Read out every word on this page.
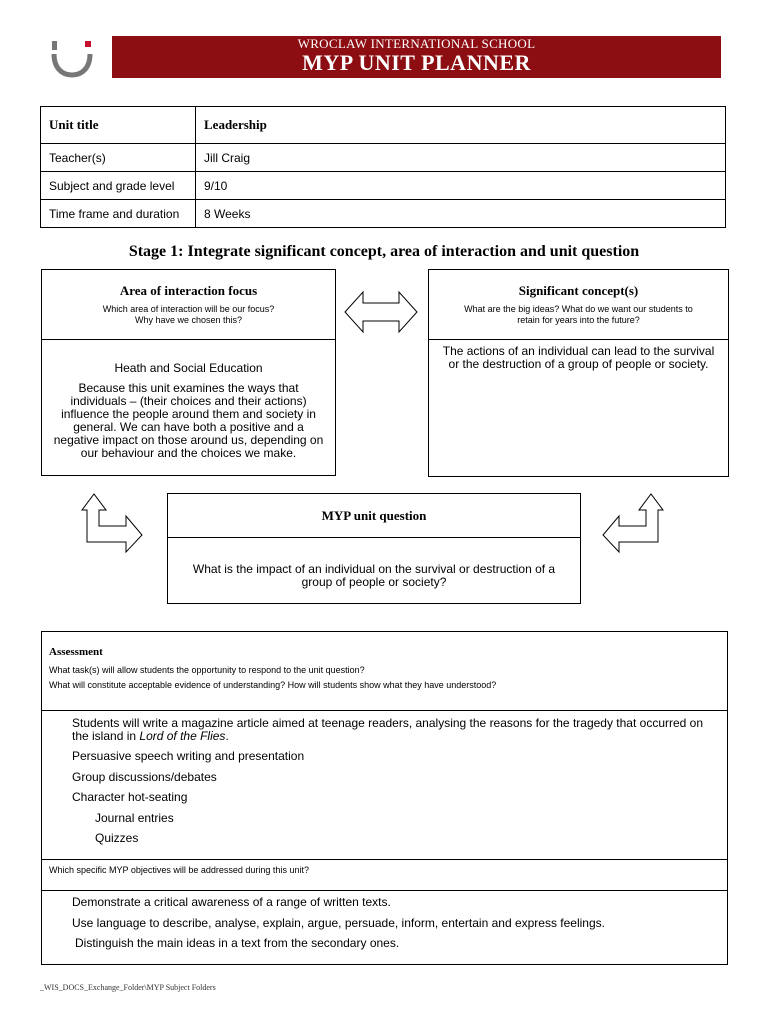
WROCLAW INTERNATIONAL SCHOOL
MYP UNIT PLANNER
Unit title	Leadership
Teacher(s)	Jill Craig
Subject and grade level	9/10
Time frame and duration	8 Weeks
Stage 1: Integrate significant concept, area of interaction and unit question
Area of interaction focus
Which area of interaction will be our focus?
Why have we chosen this?
Heath and Social Education
Because this unit examines the ways that individuals – (their choices and their actions) influence the people around them and society in general. We can have both a positive and a negative impact on those around us, depending on our behaviour and the choices we make.
Significant concept(s)
What are the big ideas? What do we want our students to
retain for years into the future?
The actions of an individual can lead to the survival or the destruction of a group of people or society.
MYP unit question
What is the impact of an individual on the survival or destruction of a group of people or society?
Assessment
What task(s) will allow students the opportunity to respond to the unit question?
What will constitute acceptable evidence of understanding? How will students show what they have understood?
Students will write a magazine article aimed at teenage readers, analysing the reasons for the tragedy that occurred on
the island in Lord of the Flies.
Persuasive speech writing and presentation
Group discussions/debates
Character hot-seating
Journal entries
Quizzes
Which specific MYP objectives will be addressed during this unit?
Demonstrate a critical awareness of a range of written texts.
Use language to describe, analyse, explain, argue, persuade, inform, entertain and express feelings.
Distinguish the main ideas in a text from the secondary ones.
_WIS_DOCS_Exchange_Folder\MYP Subject Folders
